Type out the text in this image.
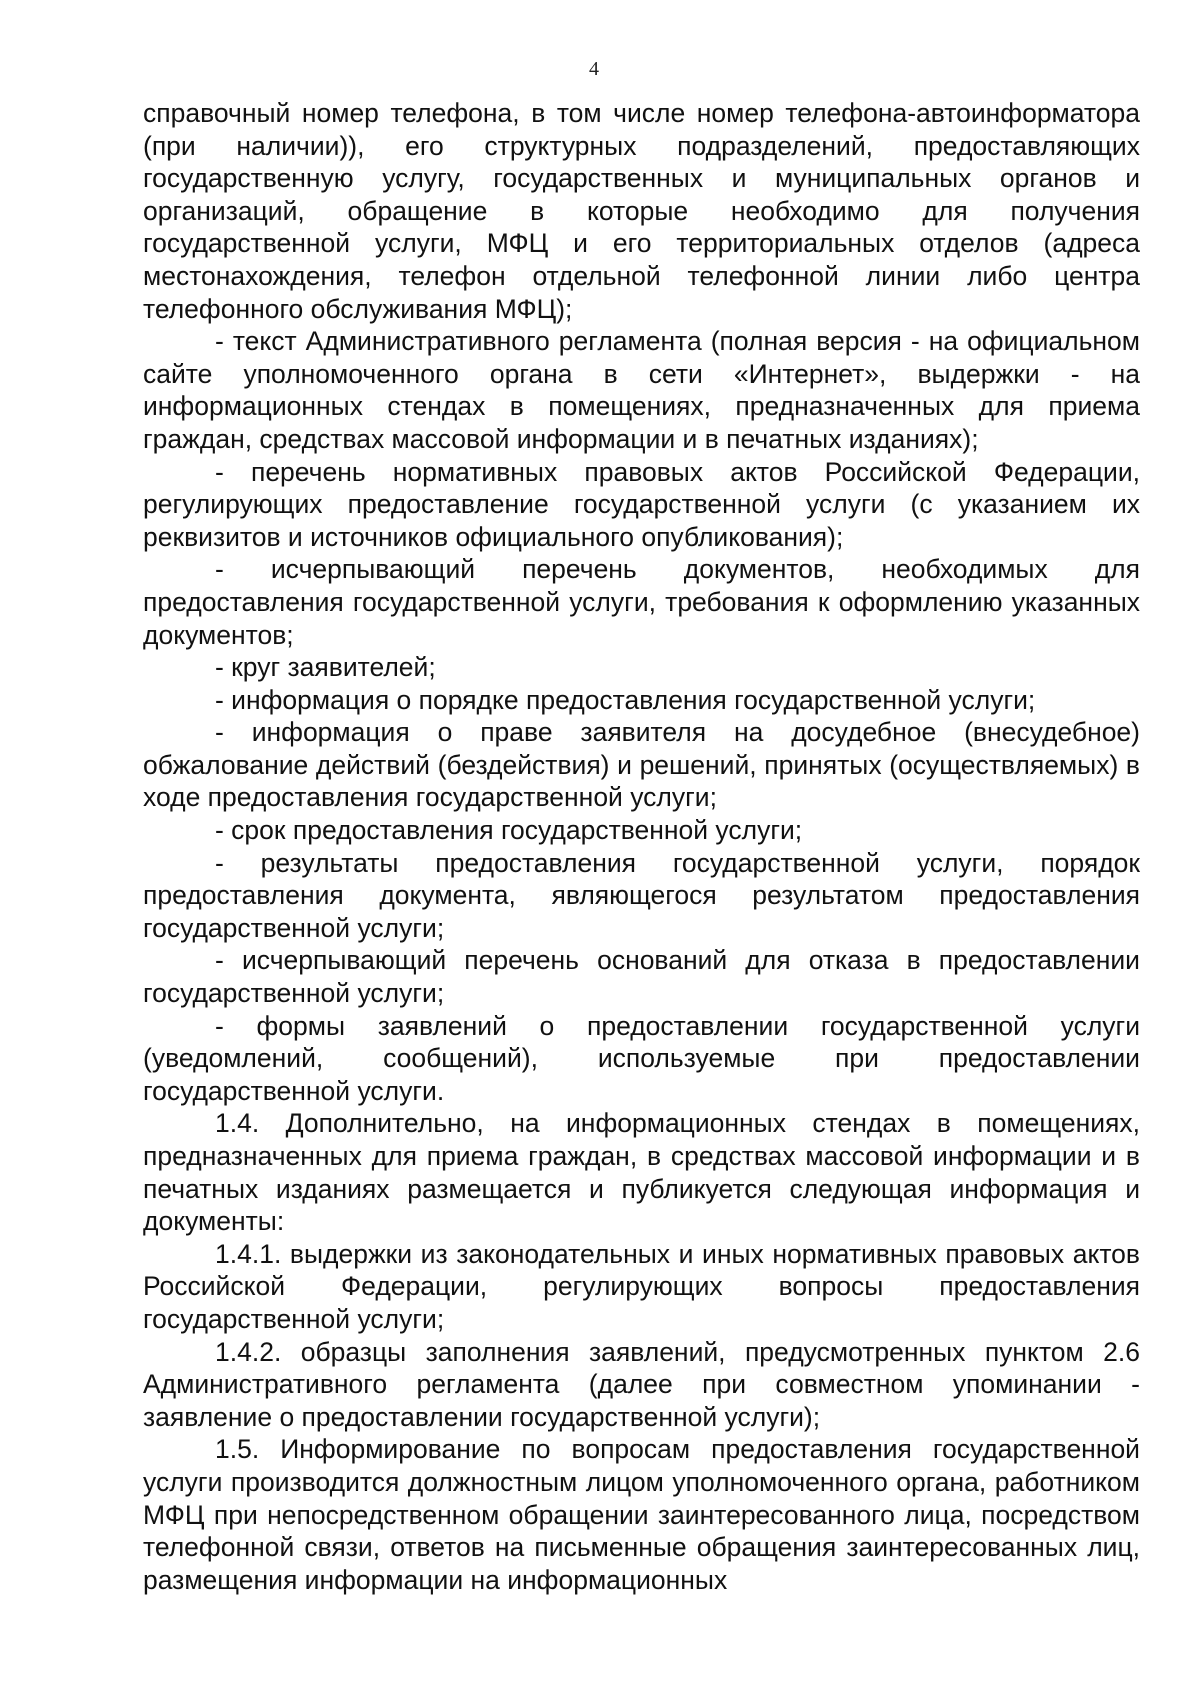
4

справочный номер телефона, в том числе номер телефона-автоинформатора (при наличии)), его структурных подразделений, предоставляющих государственную услугу, государственных и муниципальных органов и организаций, обращение в которые необходимо для получения государственной услуги, МФЦ и его территориальных отделов (адреса местонахождения, телефон отдельной телефонной линии либо центра телефонного обслуживания МФЦ);

- текст Административного регламента (полная версия - на официальном сайте уполномоченного органа в сети «Интернет», выдержки - на информационных стендах в помещениях, предназначенных для приема граждан, средствах массовой информации и в печатных изданиях);

- перечень нормативных правовых актов Российской Федерации, регулирующих предоставление государственной услуги (с указанием их реквизитов и источников официального опубликования);

- исчерпывающий перечень документов, необходимых для предоставления государственной услуги, требования к оформлению указанных документов;

- круг заявителей;

- информация о порядке предоставления государственной услуги;

- информация о праве заявителя на досудебное (внесудебное) обжалование действий (бездействия) и решений, принятых (осуществляемых) в ходе предоставления государственной услуги;

- срок предоставления государственной услуги;

- результаты предоставления государственной услуги, порядок предоставления документа, являющегося результатом предоставления государственной услуги;

- исчерпывающий перечень оснований для отказа в предоставлении государственной услуги;

- формы заявлений о предоставлении государственной услуги (уведомлений, сообщений), используемые при предоставлении государственной услуги.

1.4. Дополнительно, на информационных стендах в помещениях, предназначенных для приема граждан, в средствах массовой информации и в печатных изданиях размещается и публикуется следующая информация и документы:

1.4.1. выдержки из законодательных и иных нормативных правовых актов Российской Федерации, регулирующих вопросы предоставления государственной услуги;

1.4.2. образцы заполнения заявлений, предусмотренных пунктом 2.6 Административного регламента (далее при совместном упоминании - заявление о предоставлении государственной услуги);

1.5. Информирование по вопросам предоставления государственной услуги производится должностным лицом уполномоченного органа, работником МФЦ при непосредственном обращении заинтересованного лица, посредством телефонной связи, ответов на письменные обращения заинтересованных лиц, размещения информации на информационных
